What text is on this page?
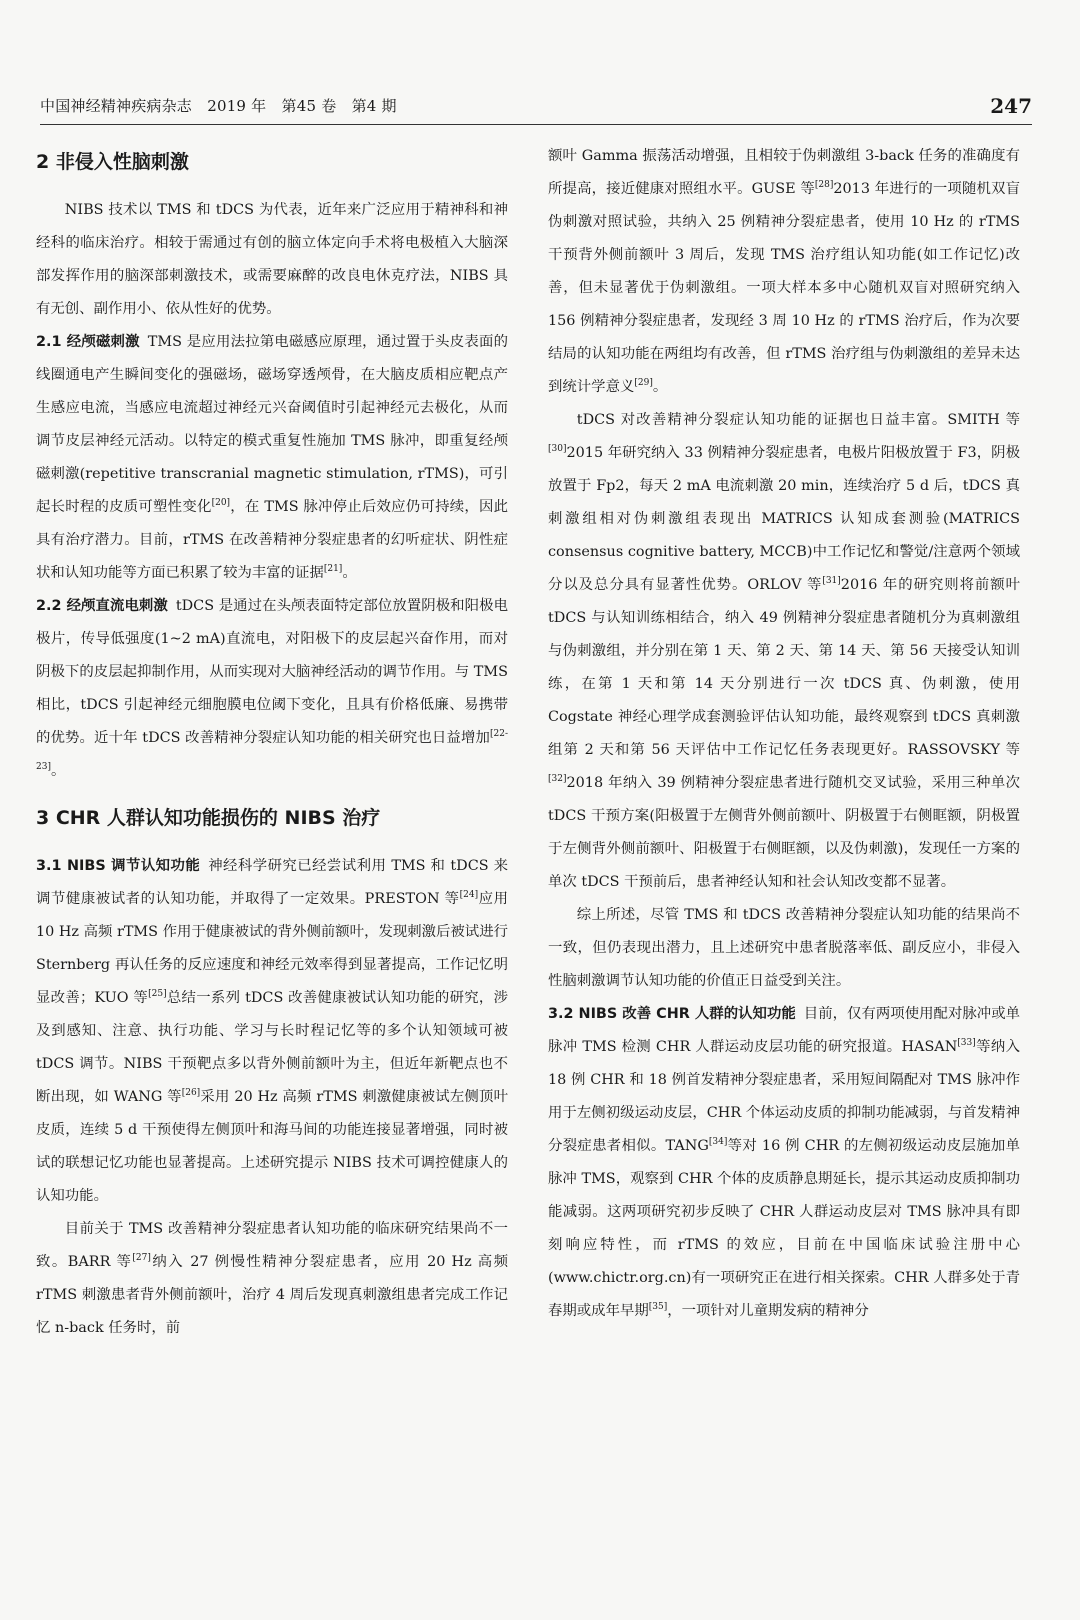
中国神经精神疾病杂志　2019 年　第45 卷　第4 期	247
2 非侵入性脑刺激

NIBS 技术以 TMS 和 tDCS 为代表，近年来广泛应用于精神科和神经科的临床治疗。相较于需通过有创的脑立体定向手术将电极植入大脑深部发挥作用的脑深部刺激技术，或需要麻醉的改良电休克疗法，NIBS 具有无创、副作用小、依从性好的优势。

2.1 经颅磁刺激 TMS 是应用法拉第电磁感应原理，通过置于头皮表面的线圈通电产生瞬间变化的强磁场，磁场穿透颅骨，在大脑皮质相应靶点产生感应电流，当感应电流超过神经元兴奋阈值时引起神经元去极化，从而调节皮层神经元活动。以特定的模式重复性施加 TMS 脉冲，即重复经颅磁刺激(repetitive transcranial magnetic stimulation, rTMS)，可引起长时程的皮质可塑性变化[20]，在 TMS 脉冲停止后效应仍可持续，因此具有治疗潜力。目前，rTMS 在改善精神分裂症患者的幻听症状、阴性症状和认知功能等方面已积累了较为丰富的证据[21]。

2.2 经颅直流电刺激 tDCS 是通过在头颅表面特定部位放置阴极和阳极电极片，传导低强度(1~2 mA)直流电，对阳极下的皮层起兴奋作用，而对阴极下的皮层起抑制作用，从而实现对大脑神经活动的调节作用。与 TMS 相比，tDCS 引起神经元细胞膜电位阈下变化，且具有价格低廉、易携带的优势。近十年 tDCS 改善精神分裂症认知功能的相关研究也日益增加[22-23]。

3 CHR 人群认知功能损伤的 NIBS 治疗

3.1 NIBS 调节认知功能 神经科学研究已经尝试利用 TMS 和 tDCS 来调节健康被试者的认知功能，并取得了一定效果。PRESTON 等[24]应用 10 Hz 高频 rTMS 作用于健康被试的背外侧前额叶，发现刺激后被试进行 Sternberg 再认任务的反应速度和神经元效率得到显著提高，工作记忆明显改善；KUO 等[25]总结一系列 tDCS 改善健康被试认知功能的研究，涉及到感知、注意、执行功能、学习与长时程记忆等的多个认知领域可被 tDCS 调节。NIBS 干预靶点多以背外侧前额叶为主，但近年新靶点也不断出现，如 WANG 等[26]采用 20 Hz 高频 rTMS 刺激健康被试左侧顶叶皮质，连续 5 d 干预使得左侧顶叶和海马间的功能连接显著增强，同时被试的联想记忆功能也显著提高。上述研究提示 NIBS 技术可调控健康人的认知功能。

目前关于 TMS 改善精神分裂症患者认知功能的临床研究结果尚不一致。BARR 等[27]纳入 27 例慢性精神分裂症患者，应用 20 Hz 高频 rTMS 刺激患者背外侧前额叶，治疗 4 周后发现真刺激组患者完成工作记忆 n-back 任务时，前

额叶 Gamma 振荡活动增强，且相较于伪刺激组 3-back 任务的准确度有所提高，接近健康对照组水平。GUSE 等[28]2013 年进行的一项随机双盲伪刺激对照试验，共纳入 25 例精神分裂症患者，使用 10 Hz 的 rTMS 干预背外侧前额叶 3 周后，发现 TMS 治疗组认知功能(如工作记忆)改善，但未显著优于伪刺激组。一项大样本多中心随机双盲对照研究纳入 156 例精神分裂症患者，发现经 3 周 10 Hz 的 rTMS 治疗后，作为次要结局的认知功能在两组均有改善，但 rTMS 治疗组与伪刺激组的差异未达到统计学意义[29]。

tDCS 对改善精神分裂症认知功能的证据也日益丰富。SMITH 等[30]2015 年研究纳入 33 例精神分裂症患者，电极片阳极放置于 F3，阴极放置于 Fp2，每天 2 mA 电流刺激 20 min，连续治疗 5 d 后，tDCS 真刺激组相对伪刺激组表现出 MATRICS 认知成套测验(MATRICS consensus cognitive battery, MCCB)中工作记忆和警觉/注意两个领域分以及总分具有显著性优势。ORLOV 等[31]2016 年的研究则将前额叶 tDCS 与认知训练相结合，纳入 49 例精神分裂症患者随机分为真刺激组与伪刺激组，并分别在第 1 天、第 2 天、第 14 天、第 56 天接受认知训练，在第 1 天和第 14 天分别进行一次 tDCS 真、伪刺激，使用 Cogstate 神经心理学成套测验评估认知功能，最终观察到 tDCS 真刺激组第 2 天和第 56 天评估中工作记忆任务表现更好。RASSOVSKY 等[32]2018 年纳入 39 例精神分裂症患者进行随机交叉试验，采用三种单次 tDCS 干预方案(阳极置于左侧背外侧前额叶、阴极置于右侧眶额，阴极置于左侧背外侧前额叶、阳极置于右侧眶额，以及伪刺激)，发现任一方案的单次 tDCS 干预前后，患者神经认知和社会认知改变都不显著。

综上所述，尽管 TMS 和 tDCS 改善精神分裂症认知功能的结果尚不一致，但仍表现出潜力，且上述研究中患者脱落率低、副反应小，非侵入性脑刺激调节认知功能的价值正日益受到关注。

3.2 NIBS 改善 CHR 人群的认知功能 目前，仅有两项使用配对脉冲或单脉冲 TMS 检测 CHR 人群运动皮层功能的研究报道。HASAN[33]等纳入 18 例 CHR 和 18 例首发精神分裂症患者，采用短间隔配对 TMS 脉冲作用于左侧初级运动皮层，CHR 个体运动皮质的抑制功能减弱，与首发精神分裂症患者相似。TANG[34]等对 16 例 CHR 的左侧初级运动皮层施加单脉冲 TMS，观察到 CHR 个体的皮质静息期延长，提示其运动皮质抑制功能减弱。这两项研究初步反映了 CHR 人群运动皮层对 TMS 脉冲具有即刻响应特性，而 rTMS 的效应，目前在中国临床试验注册中心(www.chictr.org.cn)有一项研究正在进行相关探索。CHR 人群多处于青春期或成年早期[35]，一项针对儿童期发病的精神分
